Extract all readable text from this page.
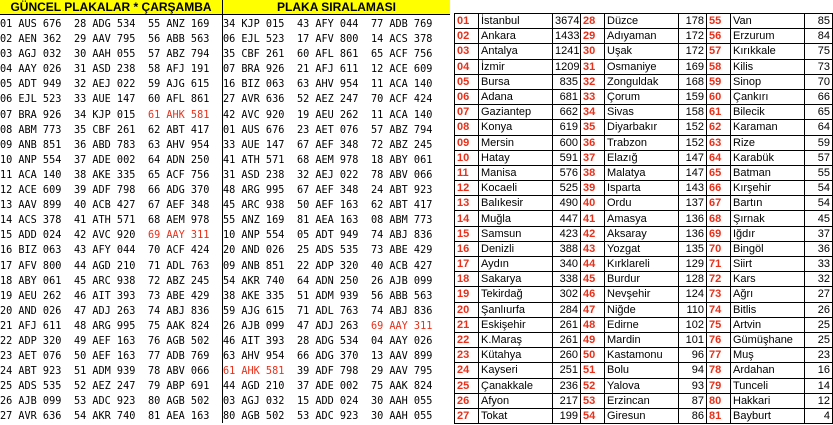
GÜNCEL PLAKALAR * ÇARŞAMBA	PLAKA SIRALAMASI
01 AUS 676 28 ADG 534 55 ANZ 169
02 AEN 362 29 AAV 795 56 ABB 563
03 AGJ 032 30 AAH 055 57 ABZ 794
04 AAY 026 31 ASD 238 58 AFJ 191
05 ADT 949 32 AEJ 022 59 AJG 615
06 EJL 523 33 AUE 147 60 AFL 861
07 BRA 926 34 KJP 015 61 AHK 581
08 ABM 773 35 CBF 261 62 ABT 417
09 ANB 851 36 ABD 783 63 AHV 954
10 ANP 554 37 ADE 002 64 ADN 250
11 ACA 140 38 AKE 335 65 ACF 756
12 ACE 609 39 ADF 798 66 ADG 370
13 AAV 899 40 ACB 427 67 AEF 348
14 ACS 378 41 ATH 571 68 AEM 978
15 ADD 024 42 AVC 920 69 AAY 311
16 BIZ 063 43 AFY 044 70 ACF 424
17 AFV 800 44 AGD 210 71 ADL 763
18 ABY 061 45 ARC 938 72 ABZ 245
19 AEU 262 46 AIT 393 73 ABE 429
20 AND 026 47 ADJ 263 74 ABJ 836
21 AFJ 611 48 ARG 995 75 AAK 824
22 ADP 320 49 AEF 163 76 AGB 502
23 AET 076 50 AEF 163 77 ADB 769
24 ABT 923 51 ADM 939 78 ABV 066
25 ADS 535 52 AEZ 247 79 ABP 691
26 AJB 099 53 ADC 923 80 AGB 502
27 AVR 636 54 AKR 740 81 AEA 163
34 KJP 015 43 AFY 044 77 ADB 769
06 EJL 523 17 AFV 800 14 ACS 378
35 CBF 261 60 AFL 861 65 ACF 756
07 BRA 926 21 AFJ 611 12 ACE 609
16 BIZ 063 63 AHV 954 11 ACA 140
27 AVR 636 52 AEZ 247 70 ACF 424
42 AVC 920 19 AEU 262 11 ACA 140
01 AUS 676 23 AET 076 57 ABZ 794
33 AUE 147 67 AEF 348 72 ABZ 245
41 ATH 571 68 AEM 978 18 ABY 061
31 ASD 238 32 AEJ 022 78 ABV 066
48 ARG 995 67 AEF 348 24 ABT 923
45 ARC 938 50 AEF 163 62 ABT 417
55 ANZ 169 81 AEA 163 08 ABM 773
10 ANP 554 05 ADT 949 74 ABJ 836
20 AND 026 25 ADS 535 73 ABE 429
09 ANB 851 22 ADP 320 40 ACB 427
54 AKR 740 64 ADN 250 26 AJB 099
38 AKE 335 51 ADM 939 56 ABB 563
59 AJG 615 71 ADL 763 74 ABJ 836
26 AJB 099 47 ADJ 263 69 AAY 311
46 AIT 393 28 ADG 534 04 AAY 026
63 AHV 954 66 ADG 370 13 AAV 899
61 AHK 581 39 ADF 798 29 AAV 795
44 AGD 210 37 ADE 002 75 AAK 824
03 AGJ 032 15 ADD 024 30 AAH 055
80 AGB 502 53 ADC 923 30 AAH 055
01	İstanbul	3674	28	Düzce	178	55	Van	85
02	Ankara	1433	29	Adıyaman	172	56	Erzurum	84
03	Antalya	1241	30	Uşak	172	57	Kırıkkale	75
04	İzmir	1209	31	Osmaniye	169	58	Kilis	73
05	Bursa	835	32	Zonguldak	168	59	Sinop	70
06	Adana	681	33	Çorum	159	60	Çankırı	66
07	Gaziantep	662	34	Sivas	158	61	Bilecik	65
08	Konya	619	35	Diyarbakır	152	62	Karaman	64
09	Mersin	600	36	Trabzon	152	63	Rize	59
10	Hatay	591	37	Elazığ	147	64	Karabük	57
11	Manisa	576	38	Malatya	147	65	Batman	55
12	Kocaeli	525	39	Isparta	143	66	Kırşehir	54
13	Balıkesir	490	40	Ordu	137	67	Bartın	54
14	Muğla	447	41	Amasya	136	68	Şırnak	45
15	Samsun	423	42	Aksaray	136	69	Iğdır	37
16	Denizli	388	43	Yozgat	135	70	Bingöl	36
17	Aydın	340	44	Kırklareli	129	71	Siirt	33
18	Sakarya	338	45	Burdur	128	72	Kars	32
19	Tekirdağ	302	46	Nevşehir	124	73	Ağrı	27
20	Şanlıurfa	284	47	Niğde	110	74	Bitlis	26
21	Eskişehir	261	48	Edirne	102	75	Artvin	25
22	K.Maraş	261	49	Mardin	101	76	Gümüşhane	25
23	Kütahya	260	50	Kastamonu	96	77	Muş	23
24	Kayseri	251	51	Bolu	94	78	Ardahan	16
25	Çanakkale	236	52	Yalova	93	79	Tunceli	14
26	Afyon	217	53	Erzincan	87	80	Hakkari	12
27	Tokat	199	54	Giresun	86	81	Bayburt	4
